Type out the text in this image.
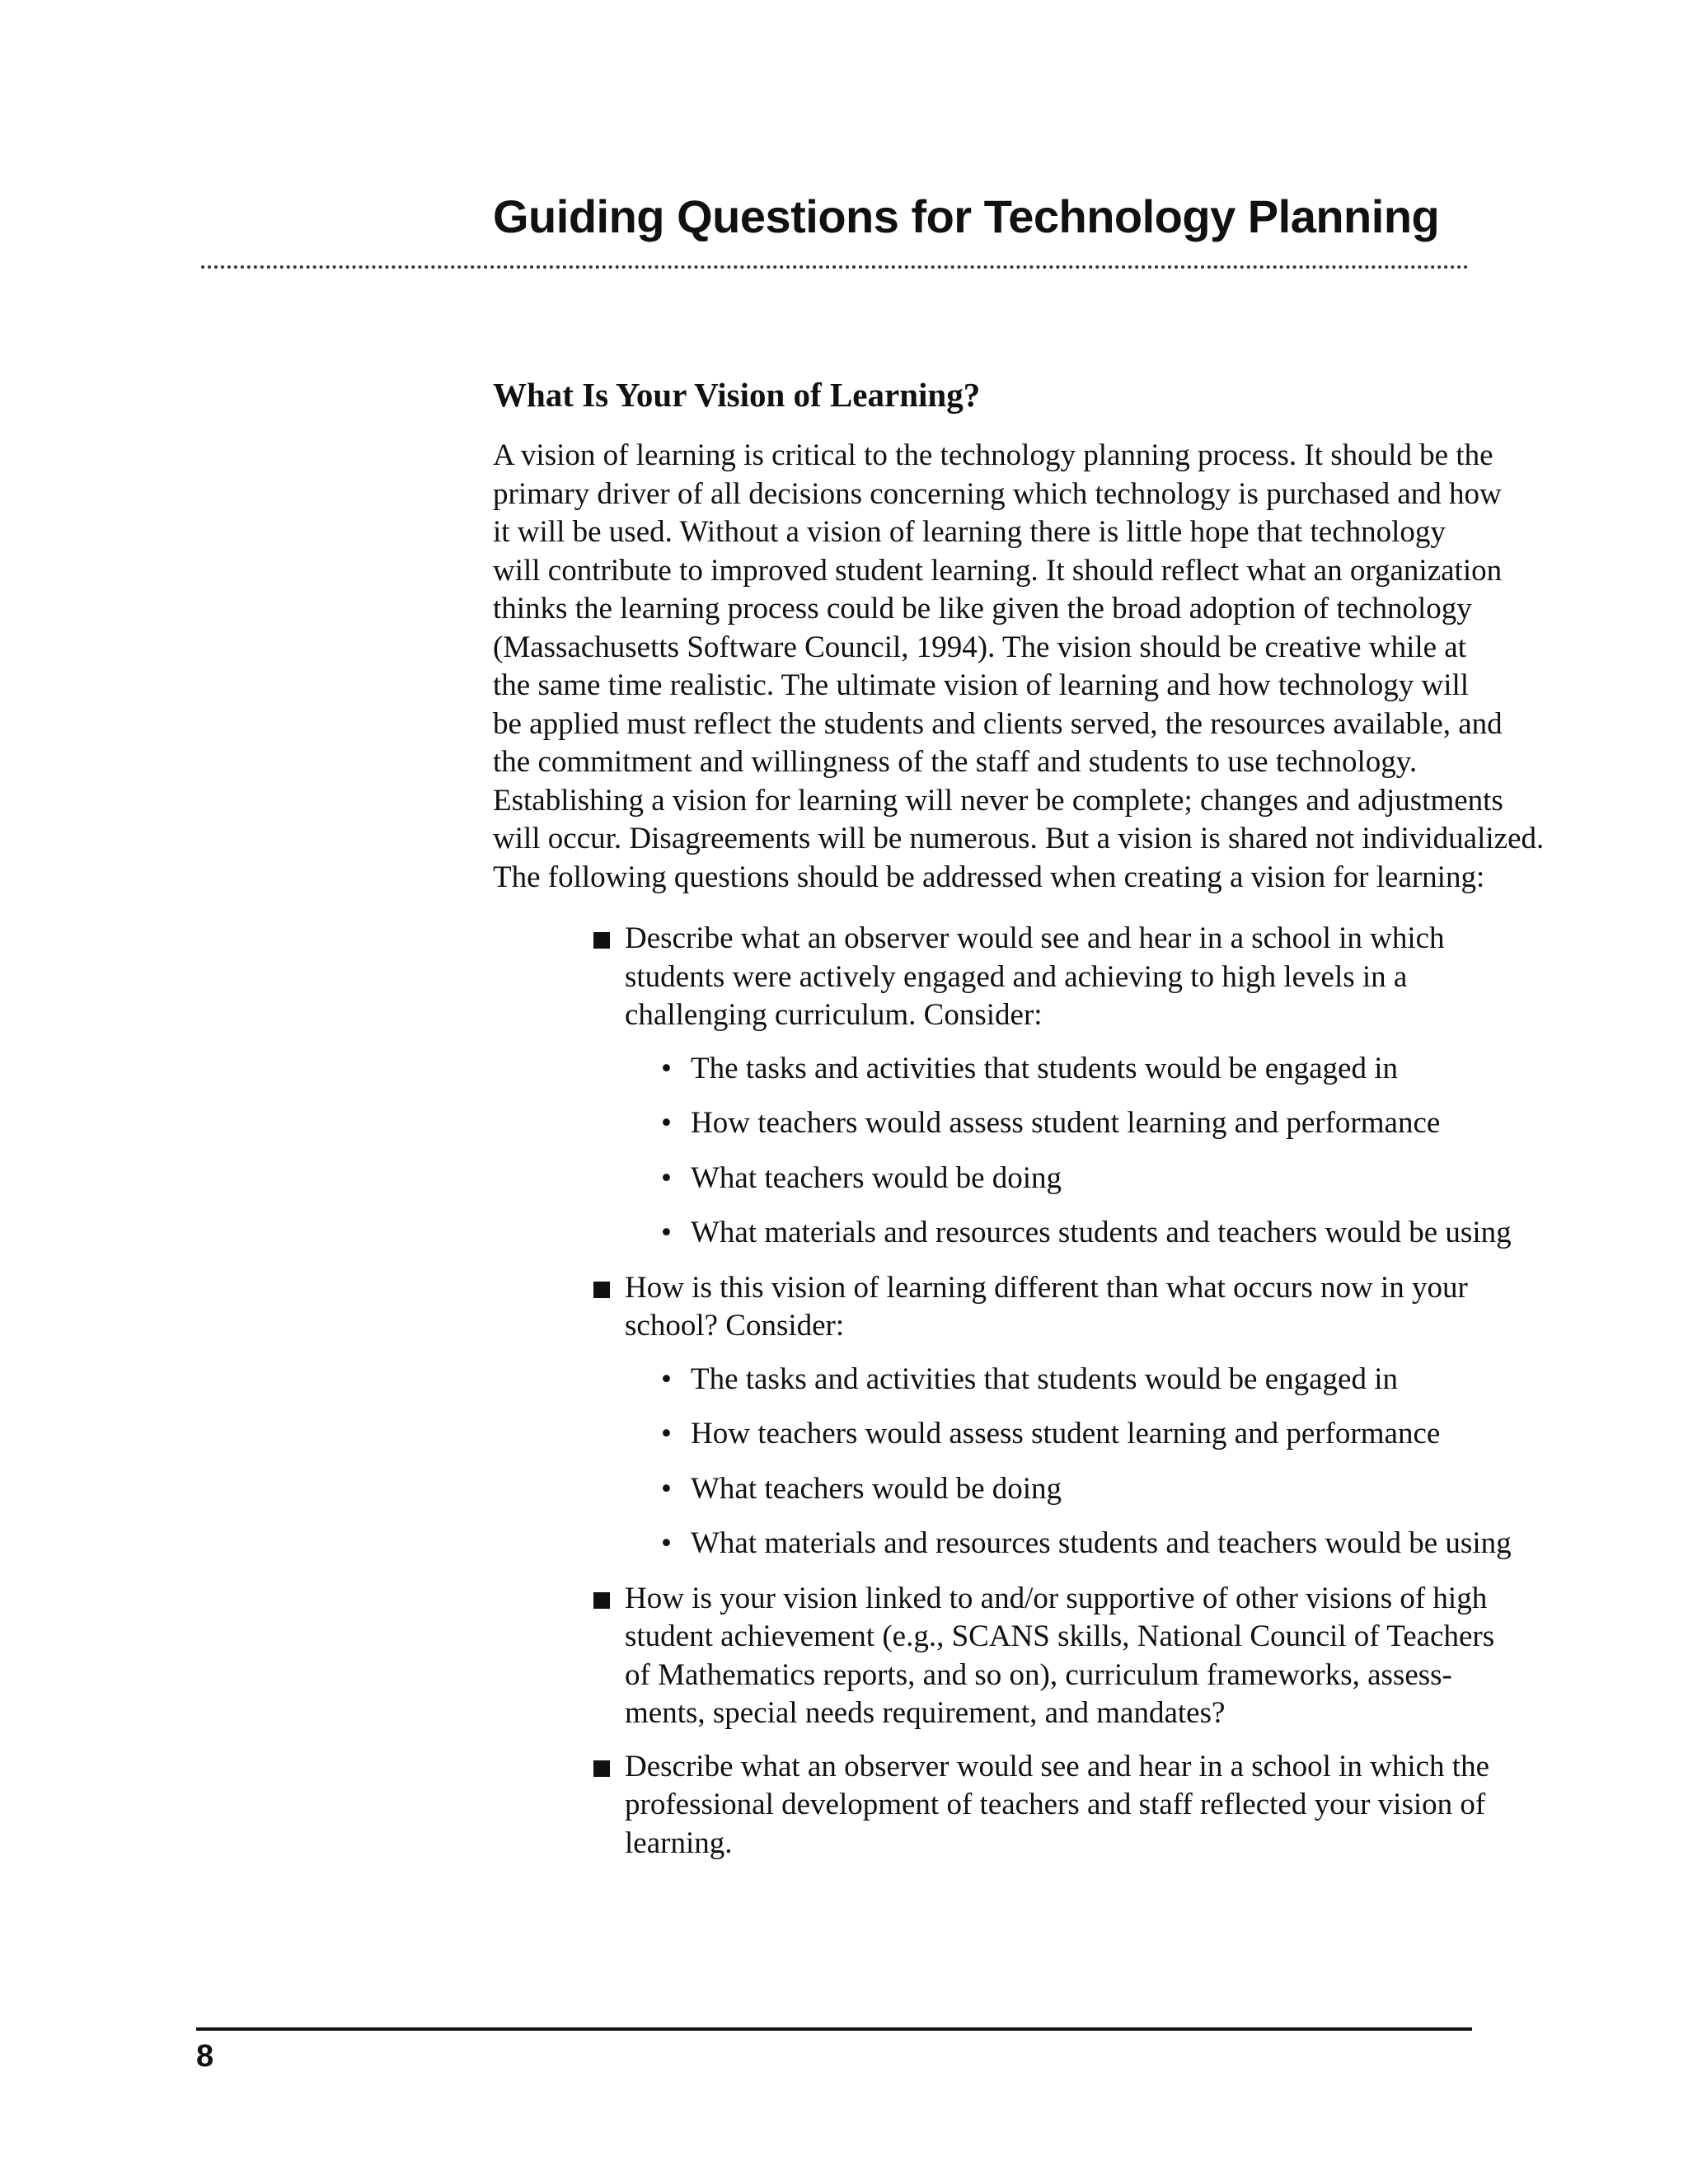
Guiding Questions for Technology Planning
What Is Your Vision of Learning?

A vision of learning is critical to the technology planning process. It should be the
primary driver of all decisions concerning which technology is purchased and how
it will be used. Without a vision of learning there is little hope that technology
will contribute to improved student learning. It should reflect what an organization
thinks the learning process could be like given the broad adoption of technology
(Massachusetts Software Council, 1994). The vision should be creative while at
the same time realistic. The ultimate vision of learning and how technology will
be applied must reflect the students and clients served, the resources available, and
the commitment and willingness of the staff and students to use technology.
Establishing a vision for learning will never be complete; changes and adjustments
will occur. Disagreements will be numerous. But a vision is shared not individualized.
The following questions should be addressed when creating a vision for learning:

Describe what an observer would see and hear in a school in which
students were actively engaged and achieving to high levels in a
challenging curriculum. Consider:
• The tasks and activities that students would be engaged in
• How teachers would assess student learning and performance
• What teachers would be doing
• What materials and resources students and teachers would be using
How is this vision of learning different than what occurs now in your
school? Consider:
• The tasks and activities that students would be engaged in
• How teachers would assess student learning and performance
• What teachers would be doing
• What materials and resources students and teachers would be using
How is your vision linked to and/or supportive of other visions of high
student achievement (e.g., SCANS skills, National Council of Teachers
of Mathematics reports, and so on), curriculum frameworks, assess-
ments, special needs requirement, and mandates?
Describe what an observer would see and hear in a school in which the
professional development of teachers and staff reflected your vision of
learning.
8
